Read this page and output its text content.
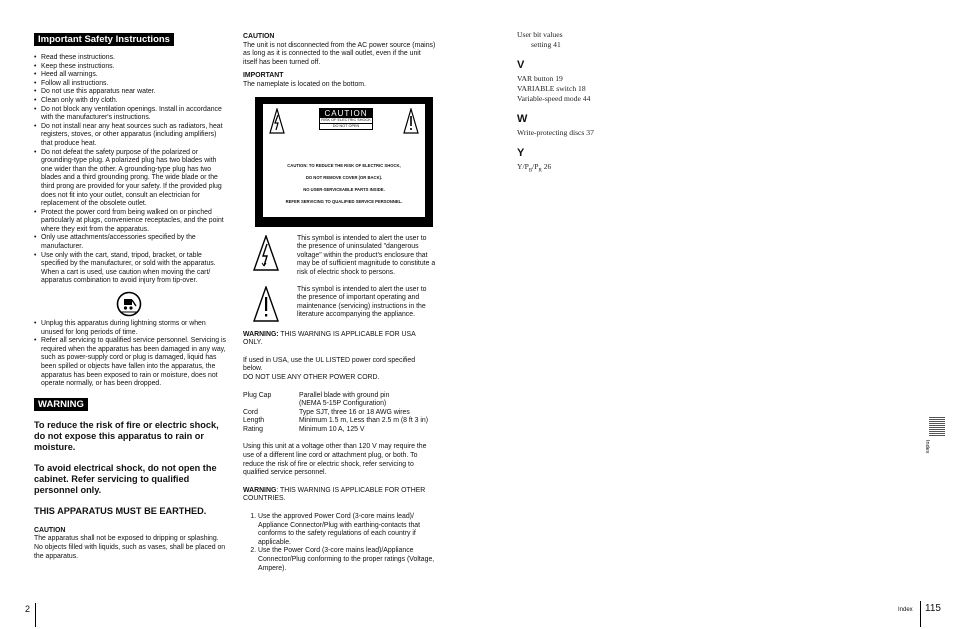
Important Safety Instructions
• Read these instructions.
• Keep these instructions.
• Heed all warnings.
• Follow all instructions.
• Do not use this apparatus near water.
• Clean only with dry cloth.
• Do not block any ventilation openings. Install in accordance with the manufacturer's instructions.
• Do not install near any heat sources such as radiators, heat registers, stoves, or other apparatus (including amplifiers) that produce heat.
• Do not defeat the safety purpose of the polarized or grounding-type plug. A polarized plug has two blades with one wider than the other. A grounding-type plug has two blades and a third grounding prong. The wide blade or the third prong are provided for your safety. If the provided plug does not fit into your outlet, consult an electrician for replacement of the obsolete outlet.
• Protect the power cord from being walked on or pinched particularly at plugs, convenience receptacles, and the point where they exit from the apparatus.
• Only use attachments/accessories specified by the manufacturer.
• Use only with the cart, stand, tripod, bracket, or table specified by the manufacturer, or sold with the apparatus. When a cart is used, use caution when moving the cart/ apparatus combination to avoid injury from tip-over.
• Unplug this apparatus during lightning storms or when unused for long periods of time.
• Refer all servicing to qualified service personnel. Servicing is required when the apparatus has been damaged in any way, such as power-supply cord or plug is damaged, liquid has been spilled or objects have fallen into the apparatus, the apparatus has been exposed to rain or moisture, does not operate normally, or has been dropped.
WARNING

To reduce the risk of fire or electric shock, do not expose this apparatus to rain or moisture.

To avoid electrical shock, do not open the cabinet. Refer servicing to qualified personnel only.

THIS APPARATUS MUST BE EARTHED.

CAUTION

The apparatus shall not be exposed to dripping or splashing. No objects filled with liquids, such as vases, shall be placed on the apparatus.

2

CAUTION

The unit is not disconnected from the AC power source (mains) as long as it is connected to the wall outlet, even if the unit itself has been turned off.

IMPORTANT

The nameplate is located on the bottom.

CAUTION
RISK OF ELECTRIC SHOCK
DO NOT OPEN
CAUTION: TO REDUCE THE RISK OF ELECTRIC SHOCK,
DO NOT REMOVE COVER (OR BACK).
NO USER-SERVICEABLE PARTS INSIDE.
REFER SERVICING TO QUALIFIED SERVICE PERSONNEL.

This symbol is intended to alert the user to the presence of uninsulated "dangerous voltage" within the product's enclosure that may be of sufficient magnitude to constitute a risk of electric shock to persons.

This symbol is intended to alert the user to the presence of important operating and maintenance (servicing) instructions in the literature accompanying the appliance.

WARNING: THIS WARNING IS APPLICABLE FOR USA ONLY.

If used in USA, use the UL LISTED power cord specified below.

DO NOT USE ANY OTHER POWER CORD.

Plug Cap	Parallel blade with ground pin
(NEMA 5-15P Configuration)
Cord	Type SJT, three 16 or 18 AWG wires
Length	Minimum 1.5 m, Less than 2.5 m (8 ft 3 in)
Rating	Minimum 10 A, 125 V

Using this unit at a voltage other than 120 V may require the use of a different line cord or attachment plug, or both. To reduce the risk of fire or electric shock, refer servicing to qualified service personnel.

WARNING: THIS WARNING IS APPLICABLE FOR OTHER COUNTRIES.

1. Use the approved Power Cord (3-core mains lead)/ Appliance Connector/Plug with earthing-contacts that conforms to the safety regulations of each country if applicable.
2. Use the Power Cord (3-core mains lead)/Appliance Connector/Plug conforming to the proper ratings (Voltage, Ampere).
User bit values
setting 41
V
VAR button 19
VARIABLE switch 18
Variable-speed mode 44
W
Write-protecting discs 37
Y
$Y/P_B/P_R$ 26
Index
Index 115
